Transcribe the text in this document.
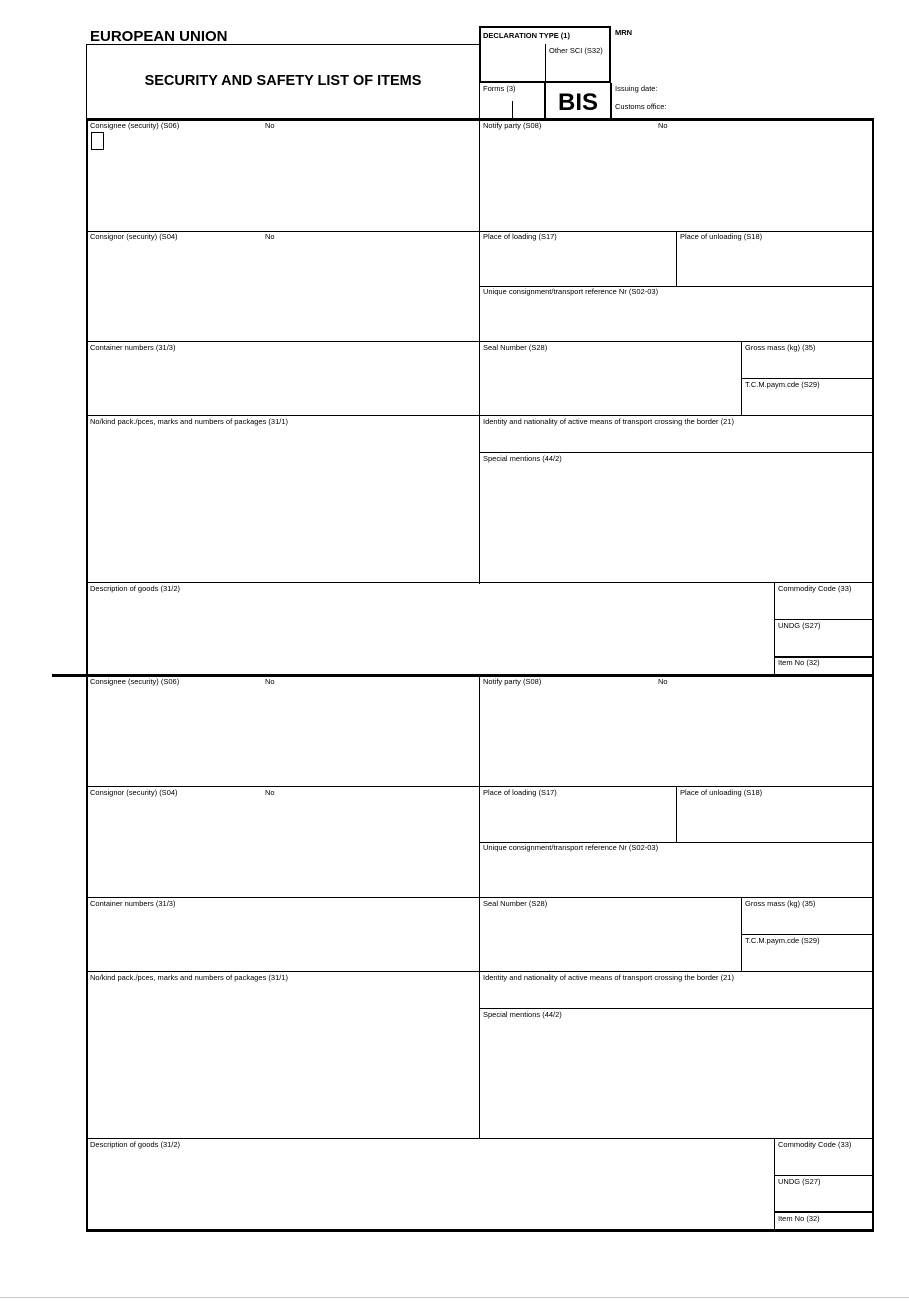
EUROPEAN UNION
SECURITY AND SAFETY LIST OF ITEMS
DECLARATION TYPE (1)
Other SCI (S32)
Forms (3)
BIS
MRN
Issuing date:
Customs office:
Consignee (security) (S06)	No	Notify party (S08)	No
Consignor (security) (S04)	No	Place of loading (S17)	Place of unloading (S18)
Unique consignment/transport reference Nr (S02-03)
Container numbers (31/3)	Seal Number (S28)	Gross mass (kg) (35)
T.C.M.paym.cde (S29)
No/kind pack./pces, marks and numbers of packages (31/1)	Identity and nationality of active means of transport crossing the border (21)
Special mentions (44/2)
Description of goods (31/2)	Commodity Code (33)
UNDG (S27)
Item No (32)
Consignee (security) (S06)	No	Notify party (S08)	No
Consignor (security) (S04)	No	Place of loading (S17)	Place of unloading (S18)
Unique consignment/transport reference Nr (S02-03)
Container numbers (31/3)	Seal Number (S28)	Gross mass (kg) (35)
T.C.M.paym.cde (S29)
No/kind pack./pces, marks and numbers of packages (31/1)	Identity and nationality of active means of transport crossing the border (21)
Special mentions (44/2)
Description of goods (31/2)	Commodity Code (33)
UNDG (S27)
Item No (32)
